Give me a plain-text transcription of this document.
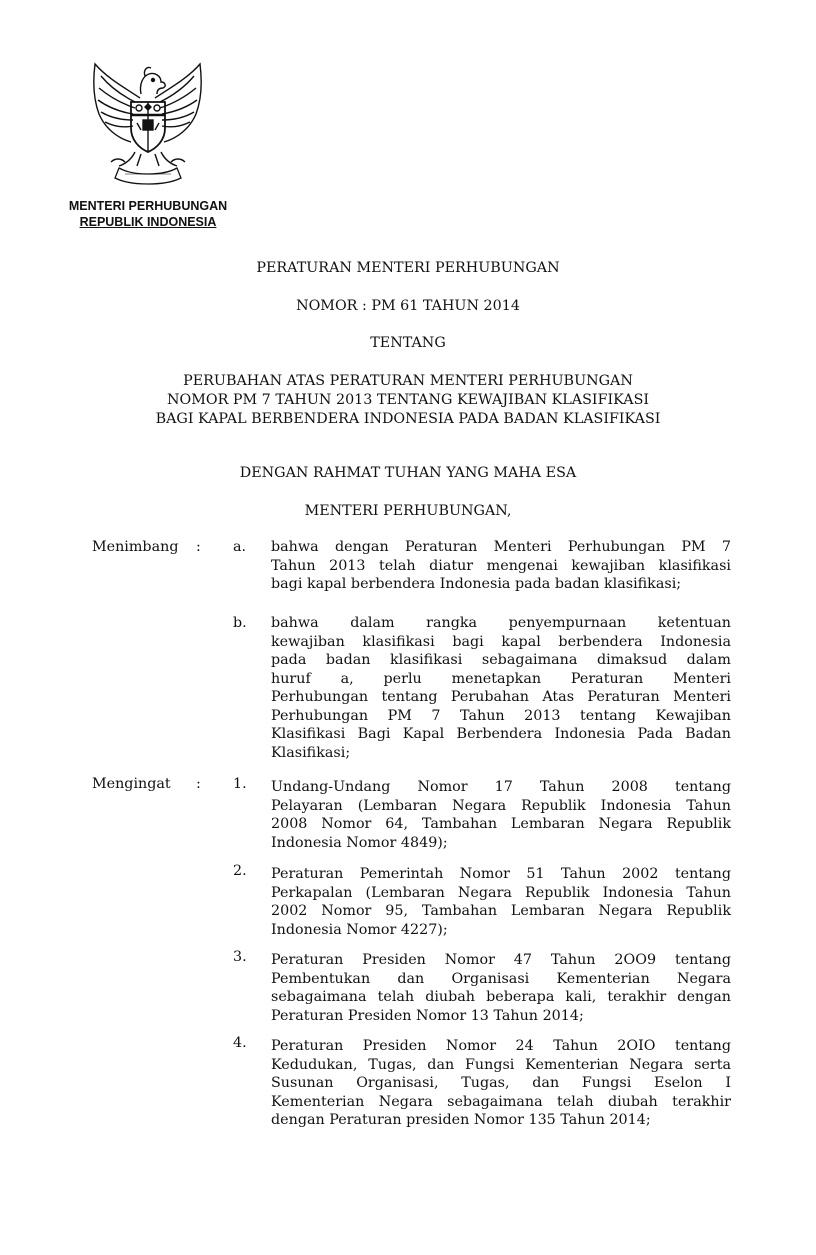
MENTERI PERHUBUNGAN
REPUBLIK INDONESIA
PERATURAN MENTERI PERHUBUNGAN
NOMOR : PM 61 TAHUN 2014
TENTANG
PERUBAHAN ATAS PERATURAN MENTERI PERHUBUNGAN
NOMOR PM 7 TAHUN 2013 TENTANG KEWAJIBAN KLASIFIKASI
BAGI KAPAL BERBENDERA INDONESIA PADA BADAN KLASIFIKASI
DENGAN RAHMAT TUHAN YANG MAHA ESA
MENTERI PERHUBUNGAN,
Menimbang : a. bahwa dengan Peraturan Menteri Perhubungan PM 7
Tahun 2013 telah diatur mengenai kewajiban klasifikasi
bagi kapal berbendera Indonesia pada badan klasifikasi;
b. bahwa dalam rangka penyempurnaan ketentuan
kewajiban klasifikasi bagi kapal berbendera Indonesia
pada badan klasifikasi sebagaimana dimaksud dalam
huruf a, perlu menetapkan Peraturan Menteri
Perhubungan tentang Perubahan Atas Peraturan Menteri
Perhubungan PM 7 Tahun 2013 tentang Kewajiban
Klasifikasi Bagi Kapal Berbendera Indonesia Pada Badan
Klasifikasi;
Mengingat : 1. Undang-Undang Nomor 17 Tahun 2008 tentang
Pelayaran (Lembaran Negara Republik Indonesia Tahun
2008 Nomor 64, Tambahan Lembaran Negara Republik
Indonesia Nomor 4849);
2. Peraturan Pemerintah Nomor 51 Tahun 2002 tentang
Perkapalan (Lembaran Negara Republik Indonesia Tahun
2002 Nomor 95, Tambahan Lembaran Negara Republik
Indonesia Nomor 4227);
3. Peraturan Presiden Nomor 47 Tahun 2OO9 tentang
Pembentukan dan Organisasi Kementerian Negara
sebagaimana telah diubah beberapa kali, terakhir dengan
Peraturan Presiden Nomor 13 Tahun 2014;
4. Peraturan Presiden Nomor 24 Tahun 2OIO tentang
Kedudukan, Tugas, dan Fungsi Kementerian Negara serta
Susunan Organisasi, Tugas, dan Fungsi Eselon I
Kementerian Negara sebagaimana telah diubah terakhir
dengan Peraturan presiden Nomor 135 Tahun 2014;
